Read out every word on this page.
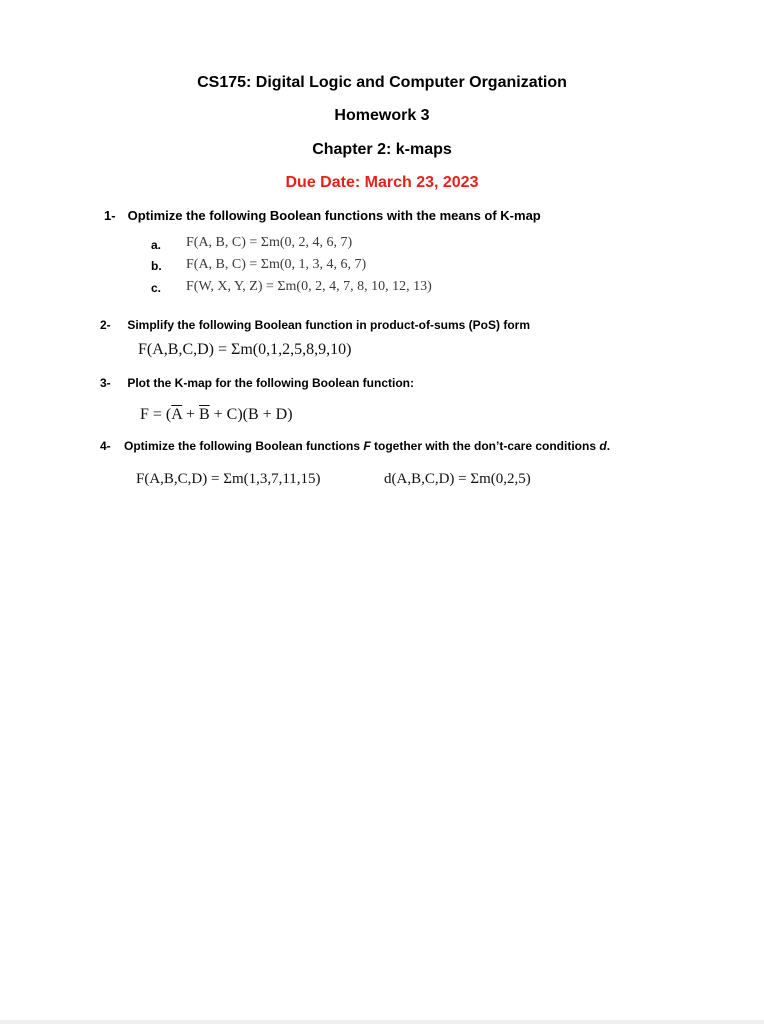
CS175: Digital Logic and Computer Organization
Homework 3
Chapter 2: k-maps
Due Date: March 23, 2023
1- Optimize the following Boolean functions with the means of K-map
a. F(A, B, C) = Σm(0, 2, 4, 6, 7)
b. F(A, B, C) = Σm(0, 1, 3, 4, 6, 7)
c. F(W, X, Y, Z) = Σm(0, 2, 4, 7, 8, 10, 12, 13)
2- Simplify the following Boolean function in product-of-sums (PoS) form
F(A,B,C,D) = Σm(0,1,2,5,8,9,10)
3- Plot the K-map for the following Boolean function:
$F = (\overline{A} + \overline{B} + C)(B + D)$
4- Optimize the following Boolean functions F together with the don’t-care conditions d.
F(A,B,C,D) = Σm(1,3,7,11,15)	d(A,B,C,D) = Σm(0,2,5)
